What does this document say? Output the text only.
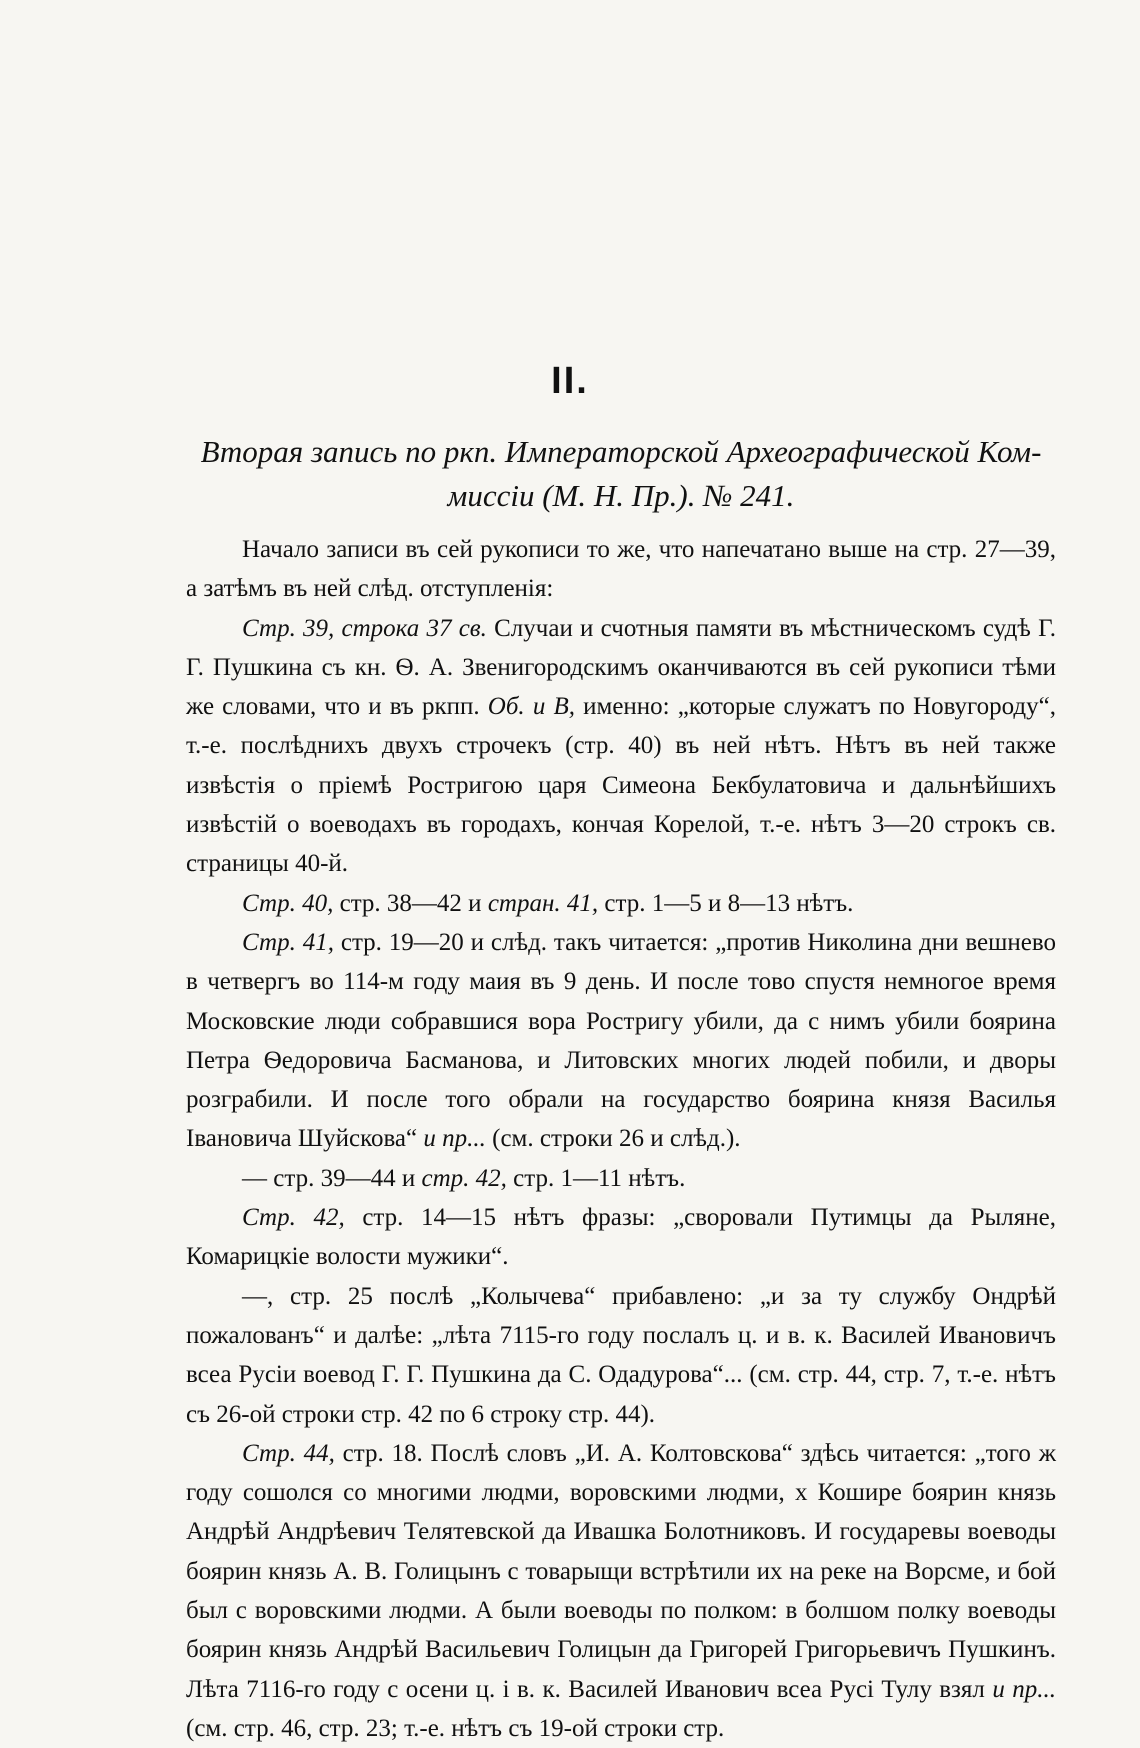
II.
Вторая запись по ркп. Императорской Археографической Ком-
миссіи (М. Н. Пр.). № 241.

Начало записи въ сей рукописи то же, что напечатано выше на стр. 27—39, а затѣмъ въ ней слѣд. отступленія:

Стр. 39, строка 37 св. Случаи и счотныя памяти въ мѣстническомъ судѣ Г. Г. Пушкина съ кн. Ѳ. А. Звенигородскимъ оканчиваются въ сей рукописи тѣми же словами, что и въ ркпп. Об. и В, именно: „которые служатъ по Новугороду“, т.-е. послѣднихъ двухъ строчекъ (стр. 40) въ ней нѣтъ. Нѣтъ въ ней также извѣстія о пріемѣ Ростригою царя Симеона Бекбулатовича и дальнѣйшихъ извѣстій о воеводахъ въ городахъ, кончая Корелой, т.-е. нѣтъ 3—20 строкъ св. страницы 40-й.

Стр. 40, стр. 38—42 и стран. 41, стр. 1—5 и 8—13 нѣтъ.

Стр. 41, стр. 19—20 и слѣд. такъ читается: „против Николина дни вешнево в четвергъ во 114-м году маия въ 9 день. И после тово спустя немногое время Московские люди собравшися вора Ростригу убили, да с нимъ убили боярина Петра Ѳедоровича Басманова, и Литовских многих людей побили, и дворы розграбили. И после того обрали на государство боярина князя Василья Івановича Шуйскова“ и пр... (см. строки 26 и слѣд.).

— стр. 39—44 и стр. 42, стр. 1—11 нѣтъ.

Стр. 42, стр. 14—15 нѣтъ фразы: „своровали Путимцы да Рыляне, Комарицкіе волости мужики“.

—, стр. 25 послѣ „Колычева“ прибавлено: „и за ту службу Ондрѣй пожалованъ“ и далѣе: „лѣта 7115-го году послалъ ц. и в. к. Василей Ивановичъ всеа Русіи воевод Г. Г. Пушкина да С. Одадурова“... (см. стр. 44, стр. 7, т.-е. нѣтъ съ 26-ой строки стр. 42 по 6 строку стр. 44).

Стр. 44, стр. 18. Послѣ словъ „И. А. Колтовскова“ здѣсь читается: „того ж году сошолся со многими людми, воровскими людми, х Кошире боярин князь Андрѣй Андрѣевич Телятевской да Ивашка Болотниковъ. И государевы воеводы боярин князь А. В. Голицынъ с товарыщи встрѣтили их на реке на Ворсме, и бой был с воровскими людми. А были воеводы по полком: в болшом полку воеводы боярин князь Андрѣй Васильевич Голицын да Григорей Григорьевичъ Пушкинъ. Лѣта 7116-го году с осени ц. і в. к. Василей Иванович всеа Русі Тулу взял и пр... (см. стр. 46, стр. 23; т.-е. нѣтъ съ 19-ой строки стр.
